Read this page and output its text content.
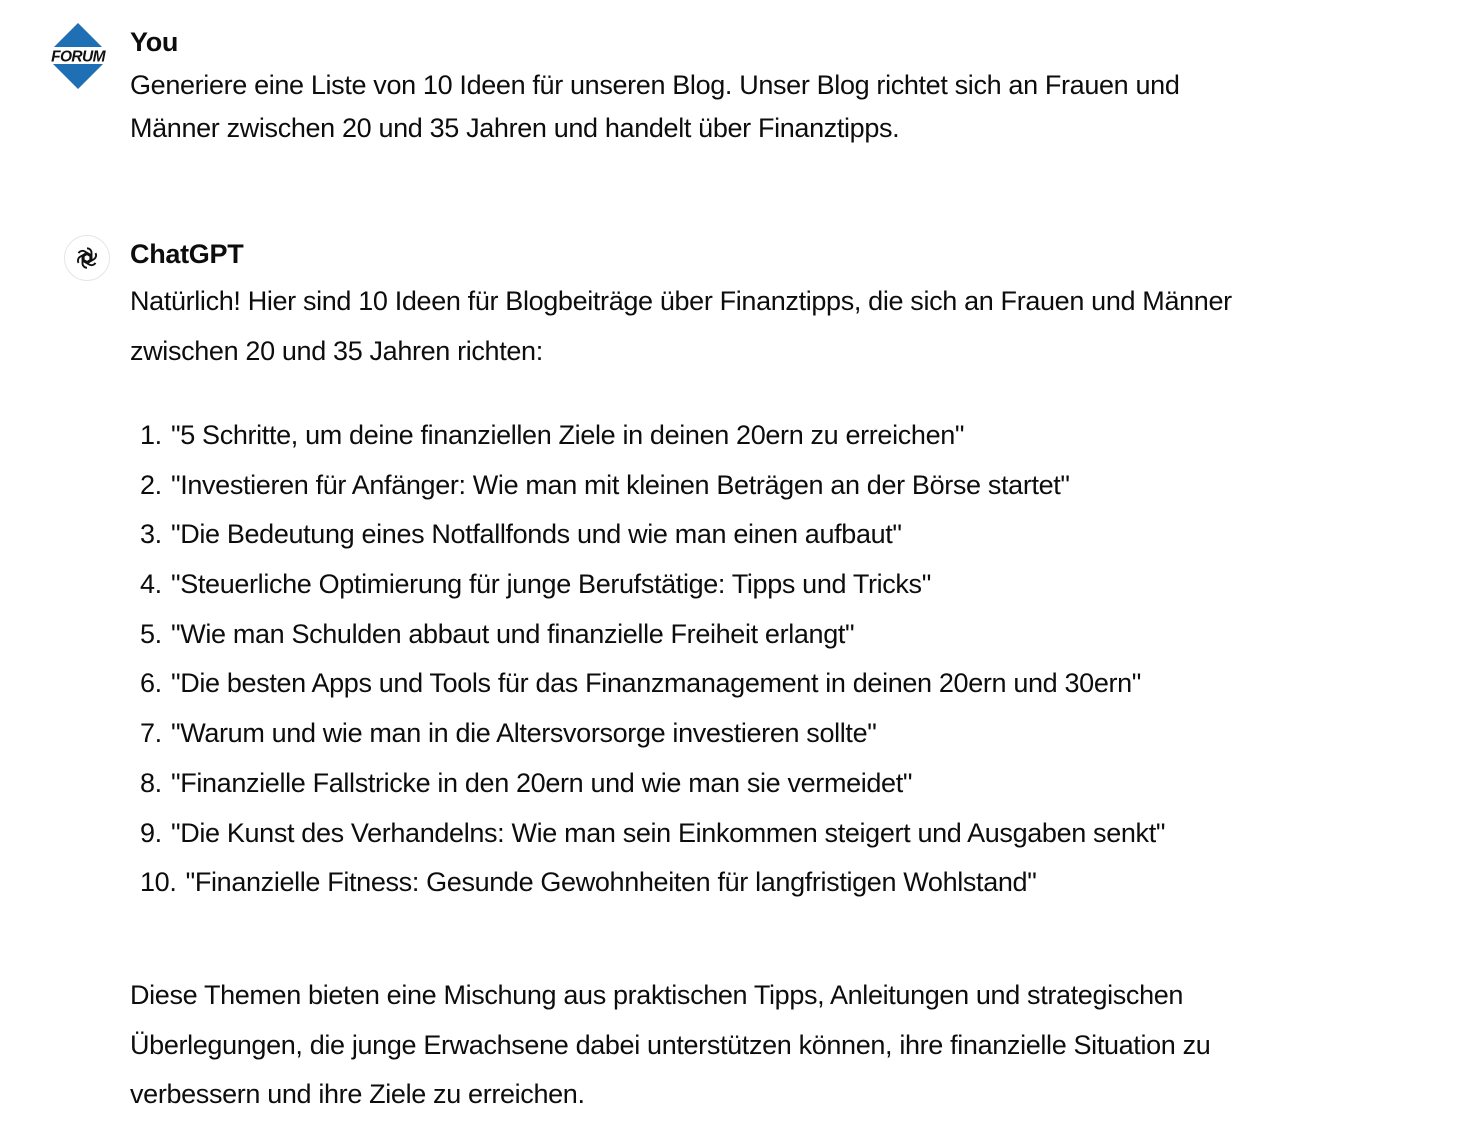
FORUM You
Generiere eine Liste von 10 Ideen für unseren Blog. Unser Blog richtet sich an Frauen und
Männer zwischen 20 und 35 Jahren und handelt über Finanztipps.
ChatGPT
Natürlich! Hier sind 10 Ideen für Blogbeiträge über Finanztipps, die sich an Frauen und Männer
zwischen 20 und 35 Jahren richten:
1. "5 Schritte, um deine finanziellen Ziele in deinen 20ern zu erreichen"
2. "Investieren für Anfänger: Wie man mit kleinen Beträgen an der Börse startet"
3. "Die Bedeutung eines Notfallfonds und wie man einen aufbaut"
4. "Steuerliche Optimierung für junge Berufstätige: Tipps und Tricks"
5. "Wie man Schulden abbaut und finanzielle Freiheit erlangt"
6. "Die besten Apps und Tools für das Finanzmanagement in deinen 20ern und 30ern"
7. "Warum und wie man in die Altersvorsorge investieren sollte"
8. "Finanzielle Fallstricke in den 20ern und wie man sie vermeidet"
9. "Die Kunst des Verhandelns: Wie man sein Einkommen steigert und Ausgaben senkt"
10. "Finanzielle Fitness: Gesunde Gewohnheiten für langfristigen Wohlstand"
Diese Themen bieten eine Mischung aus praktischen Tipps, Anleitungen und strategischen
Überlegungen, die junge Erwachsene dabei unterstützen können, ihre finanzielle Situation zu
verbessern und ihre Ziele zu erreichen.
